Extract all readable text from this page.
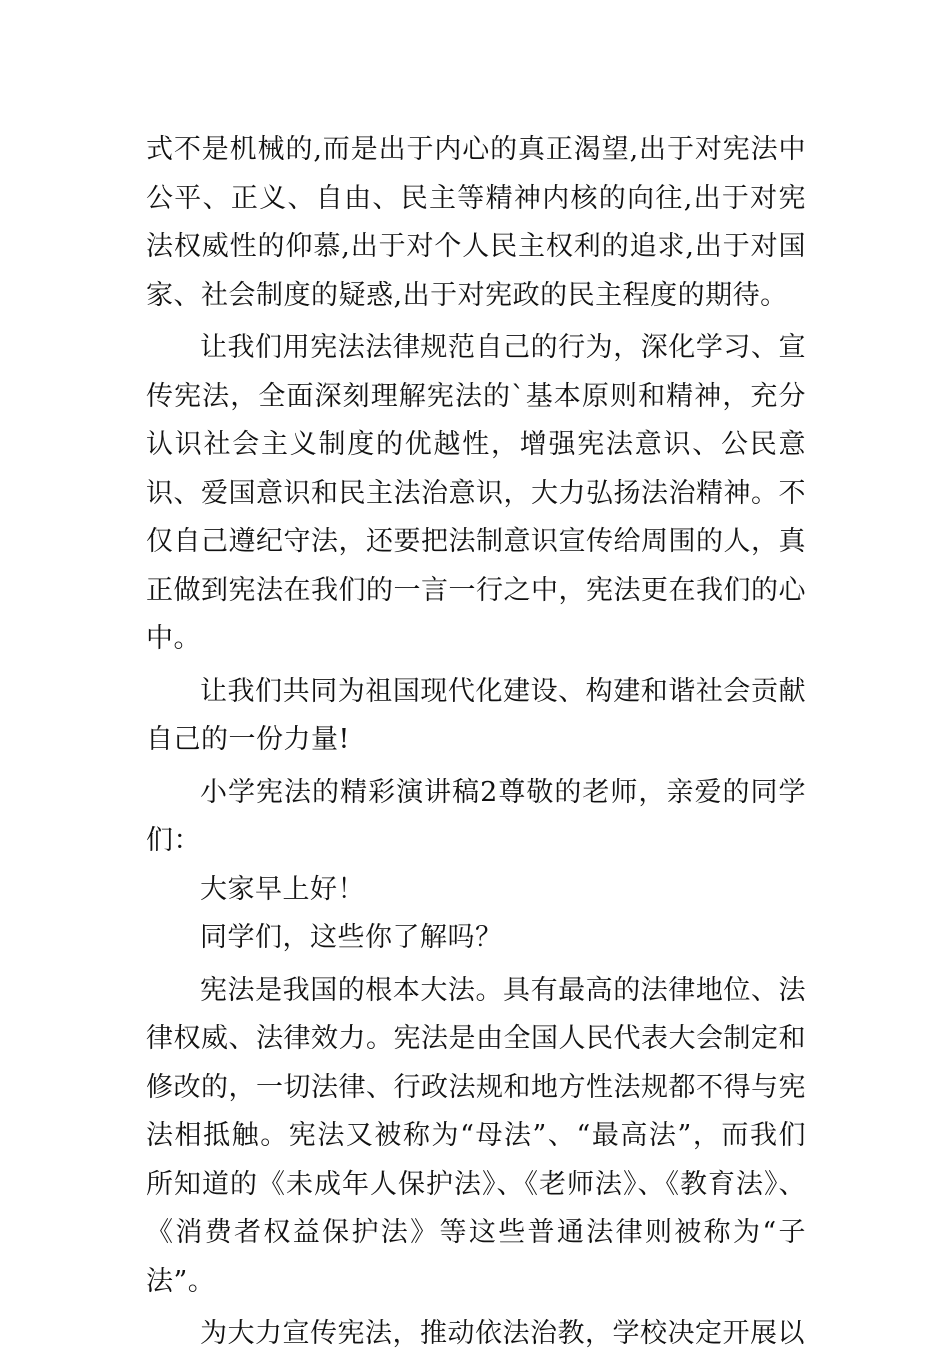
式不是机械的,而是出于内心的真正渴望,出于对宪法中公平、正义、自由、民主等精神内核的向往,出于对宪法权威性的仰慕,出于对个人民主权利的追求,出于对国家、社会制度的疑惑,出于对宪政的民主程度的期待。

让我们用宪法法律规范自己的行为，深化学习、宣传宪法，全面深刻理解宪法的`基本原则和精神，充分认识社会主义制度的优越性，增强宪法意识、公民意识、爱国意识和民主法治意识，大力弘扬法治精神。不仅自己遵纪守法，还要把法制意识宣传给周围的人，真正做到宪法在我们的一言一行之中，宪法更在我们的心中。

让我们共同为祖国现代化建设、构建和谐社会贡献自己的一份力量!

小学宪法的精彩演讲稿2尊敬的老师，亲爱的同学们：

大家早上好！

同学们，这些你了解吗？

宪法是我国的根本大法。具有最高的法律地位、法律权威、法律效力。宪法是由全国人民代表大会制定和修改的，一切法律、行政法规和地方性法规都不得与宪法相抵触。宪法又被称为“母法”、“最高法”，而我们所知道的《未成年人保护法》、《老师法》、《教育法》、《消费者权益保护法》等这些普通法律则被称为“子法”。

为大力宣传宪法，推动依法治教，学校决定开展以
